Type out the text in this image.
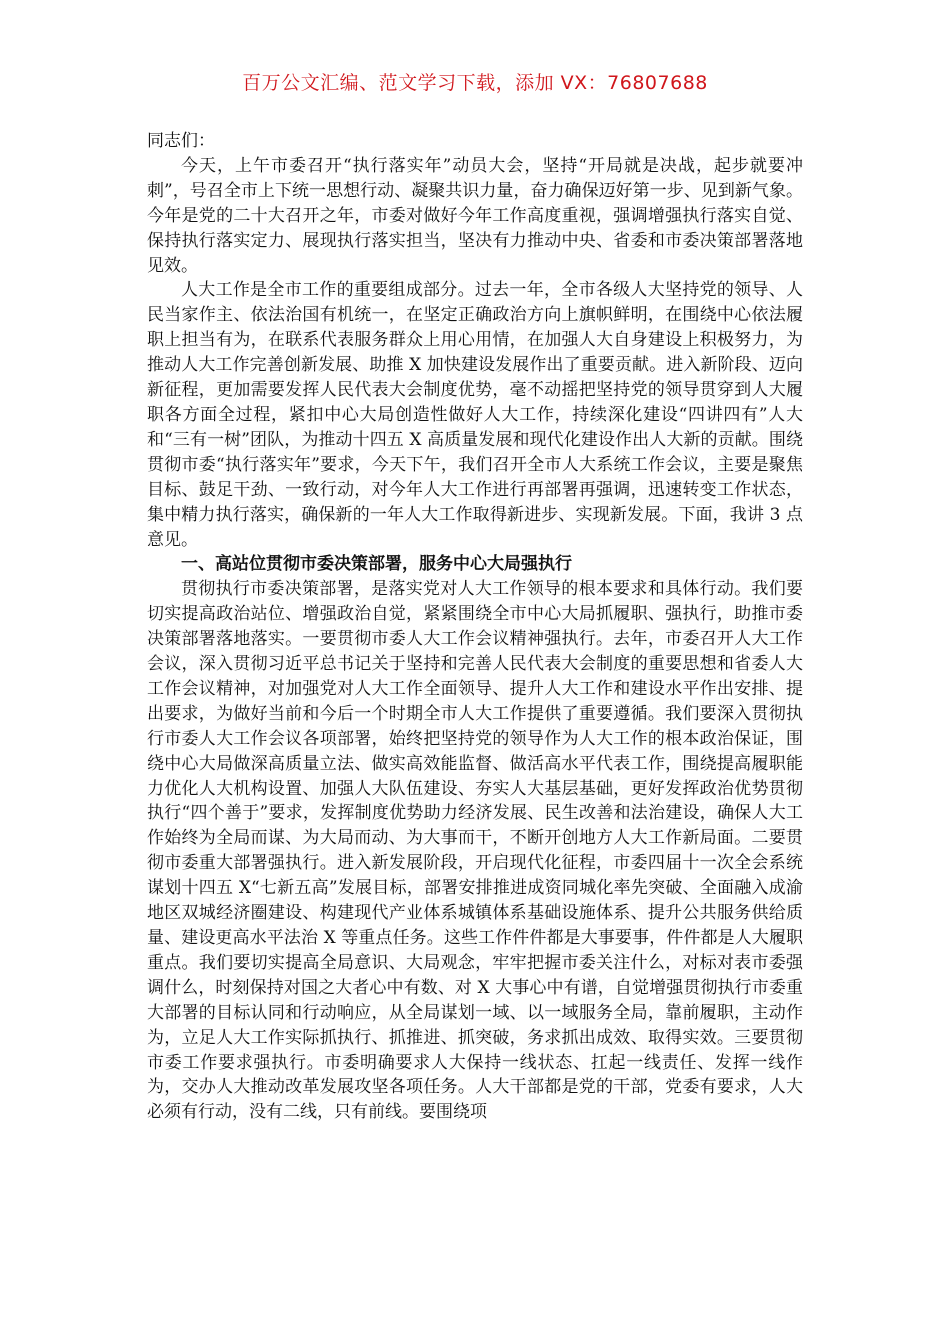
百万公文汇编、范文学习下载，添加 VX：76807688

同志们：

今天，上午市委召开“执行落实年”动员大会，坚持“开局就是决战，起步就要冲刺”，号召全市上下统一思想行动、凝聚共识力量，奋力确保迈好第一步、见到新气象。今年是党的二十大召开之年，市委对做好今年工作高度重视，强调增强执行落实自觉、保持执行落实定力、展现执行落实担当，坚决有力推动中央、省委和市委决策部署落地见效。

人大工作是全市工作的重要组成部分。过去一年，全市各级人大坚持党的领导、人民当家作主、依法治国有机统一，在坚定正确政治方向上旗帜鲜明，在围绕中心依法履职上担当有为，在联系代表服务群众上用心用情，在加强人大自身建设上积极努力，为推动人大工作完善创新发展、助推 X 加快建设发展作出了重要贡献。进入新阶段、迈向新征程，更加需要发挥人民代表大会制度优势，毫不动摇把坚持党的领导贯穿到人大履职各方面全过程，紧扣中心大局创造性做好人大工作，持续深化建设“四讲四有”人大和“三有一树”团队，为推动十四五 X 高质量发展和现代化建设作出人大新的贡献。围绕贯彻市委“执行落实年”要求，今天下午，我们召开全市人大系统工作会议，主要是聚焦目标、鼓足干劲、一致行动，对今年人大工作进行再部署再强调，迅速转变工作状态，集中精力执行落实，确保新的一年人大工作取得新进步、实现新发展。下面，我讲 3 点意见。

一、高站位贯彻市委决策部署，服务中心大局强执行

贯彻执行市委决策部署，是落实党对人大工作领导的根本要求和具体行动。我们要切实提高政治站位、增强政治自觉，紧紧围绕全市中心大局抓履职、强执行，助推市委决策部署落地落实。一要贯彻市委人大工作会议精神强执行。去年，市委召开人大工作会议，深入贯彻习近平总书记关于坚持和完善人民代表大会制度的重要思想和省委人大工作会议精神，对加强党对人大工作全面领导、提升人大工作和建设水平作出安排、提出要求，为做好当前和今后一个时期全市人大工作提供了重要遵循。我们要深入贯彻执行市委人大工作会议各项部署，始终把坚持党的领导作为人大工作的根本政治保证，围绕中心大局做深高质量立法、做实高效能监督、做活高水平代表工作，围绕提高履职能力优化人大机构设置、加强人大队伍建设、夯实人大基层基础，更好发挥政治优势贯彻执行“四个善于”要求，发挥制度优势助力经济发展、民生改善和法治建设，确保人大工作始终为全局而谋、为大局而动、为大事而干，不断开创地方人大工作新局面。二要贯彻市委重大部署强执行。进入新发展阶段，开启现代化征程，市委四届十一次全会系统谋划十四五 X“七新五高”发展目标，部署安排推进成资同城化率先突破、全面融入成渝地区双城经济圈建设、构建现代产业体系城镇体系基础设施体系、提升公共服务供给质量、建设更高水平法治 X 等重点任务。这些工作件件都是大事要事，件件都是人大履职重点。我们要切实提高全局意识、大局观念，牢牢把握市委关注什么，对标对表市委强调什么，时刻保持对国之大者心中有数、对 X 大事心中有谱，自觉增强贯彻执行市委重大部署的目标认同和行动响应，从全局谋划一域、以一域服务全局，靠前履职，主动作为，立足人大工作实际抓执行、抓推进、抓突破，务求抓出成效、取得实效。三要贯彻市委工作要求强执行。市委明确要求人大保持一线状态、扛起一线责任、发挥一线作为，交办人大推动改革发展攻坚各项任务。人大干部都是党的干部，党委有要求，人大必须有行动，没有二线，只有前线。要围绕项
